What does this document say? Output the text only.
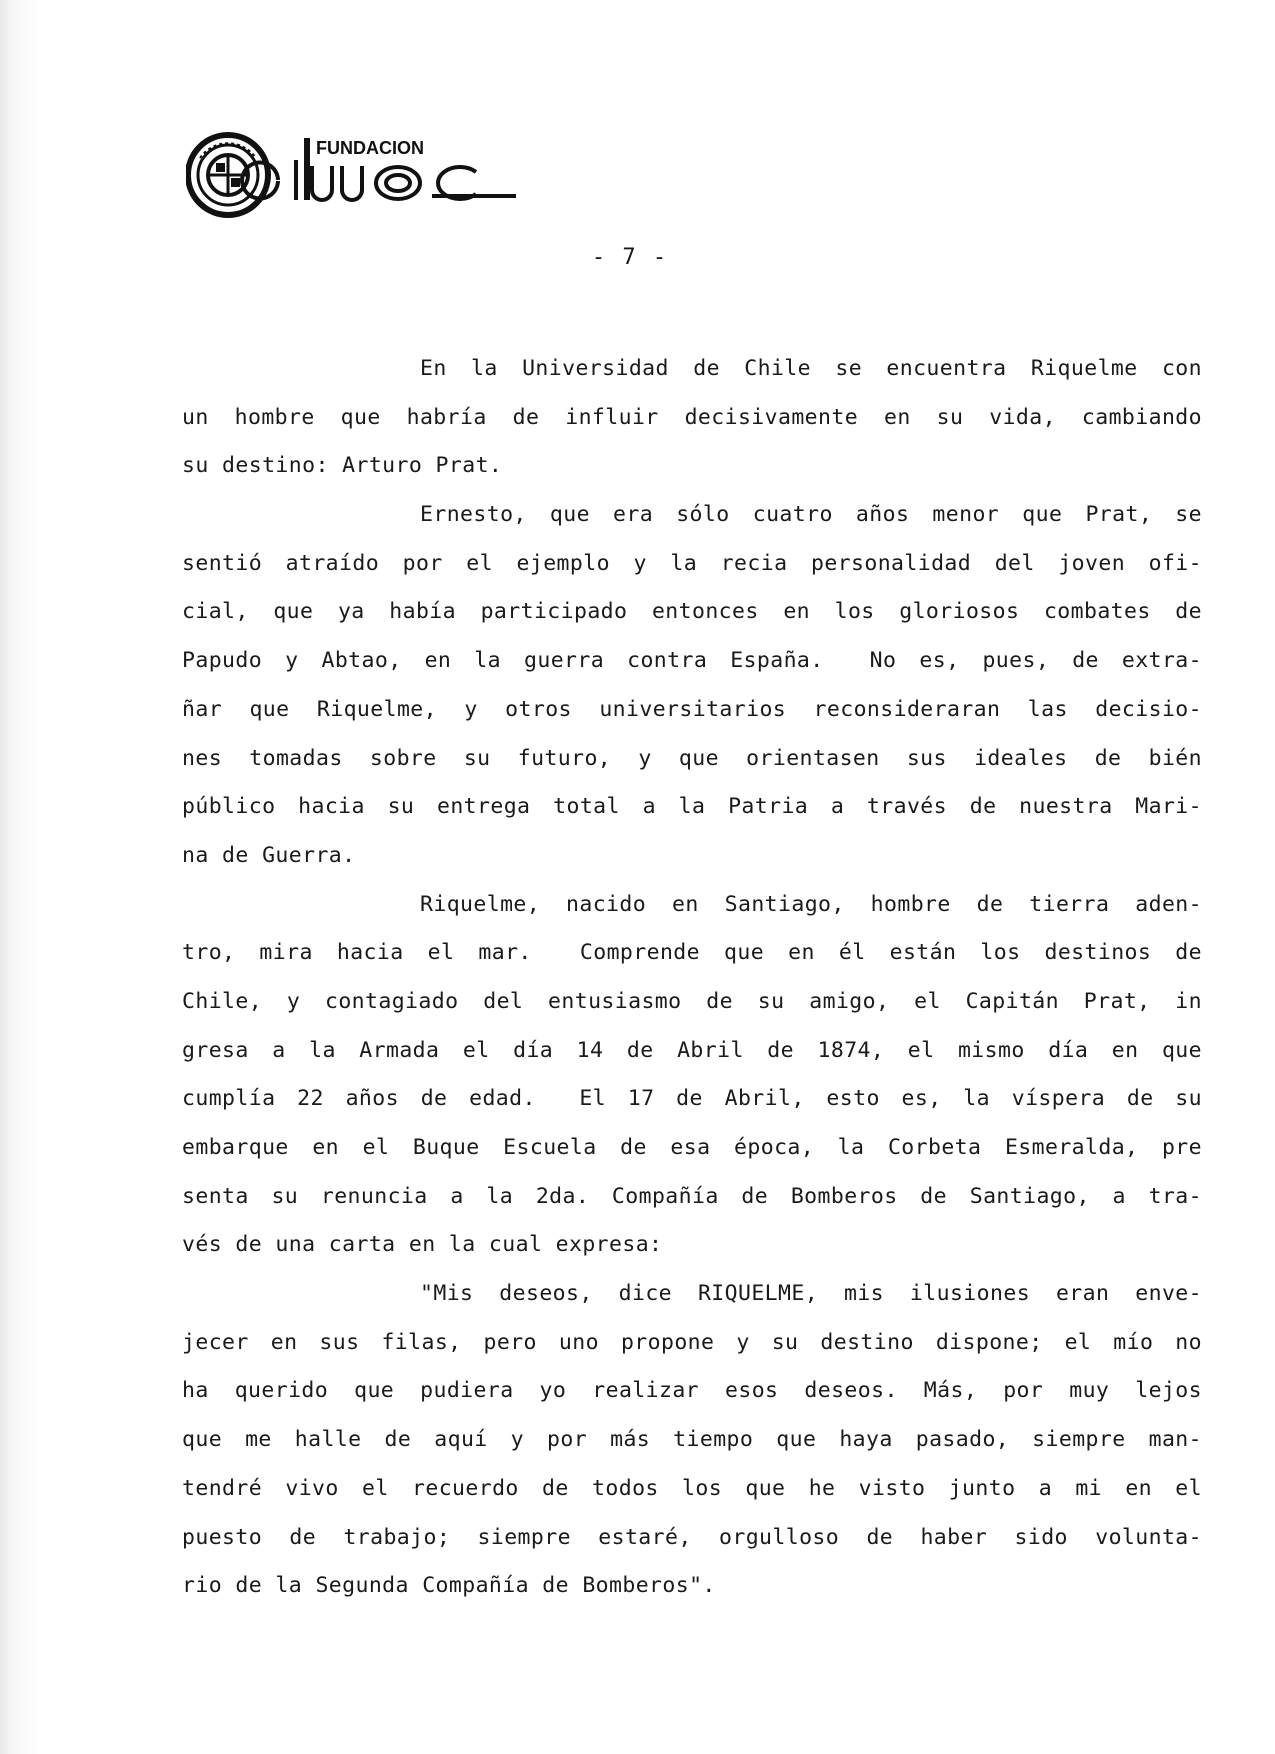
FUNDACION
- 7 -
En la Universidad de Chile se encuentra Riquelme con
un hombre que habría de influir decisivamente en su vida, cambiando
su destino: Arturo Prat.
Ernesto, que era sólo cuatro años menor que Prat, se
sentió atraído por el ejemplo y la recia personalidad del joven ofi-
cial, que ya había participado entonces en los gloriosos combates de
Papudo y Abtao, en la guerra contra España.  No es, pues, de extra-
ñar que Riquelme, y otros universitarios reconsideraran las decisio-
nes tomadas sobre su futuro, y que orientasen sus ideales de bién
público hacia su entrega total a la Patria a través de nuestra Mari-
na de Guerra.
Riquelme, nacido en Santiago, hombre de tierra aden-
tro, mira hacia el mar.  Comprende que en él están los destinos de
Chile, y contagiado del entusiasmo de su amigo, el Capitán Prat, in
gresa a la Armada el día 14 de Abril de 1874, el mismo día en que
cumplía 22 años de edad.  El 17 de Abril, esto es, la víspera de su
embarque en el Buque Escuela de esa época, la Corbeta Esmeralda, pre
senta su renuncia a la 2da. Compañía de Bomberos de Santiago, a tra-
vés de una carta en la cual expresa:
"Mis deseos, dice RIQUELME, mis ilusiones eran enve-
jecer en sus filas, pero uno propone y su destino dispone; el mío no
ha querido que pudiera yo realizar esos deseos. Más, por muy lejos
que me halle de aquí y por más tiempo que haya pasado, siempre man-
tendré vivo el recuerdo de todos los que he visto junto a mi en el
puesto de trabajo; siempre estaré, orgulloso de haber sido volunta-
rio de la Segunda Compañía de Bomberos".
